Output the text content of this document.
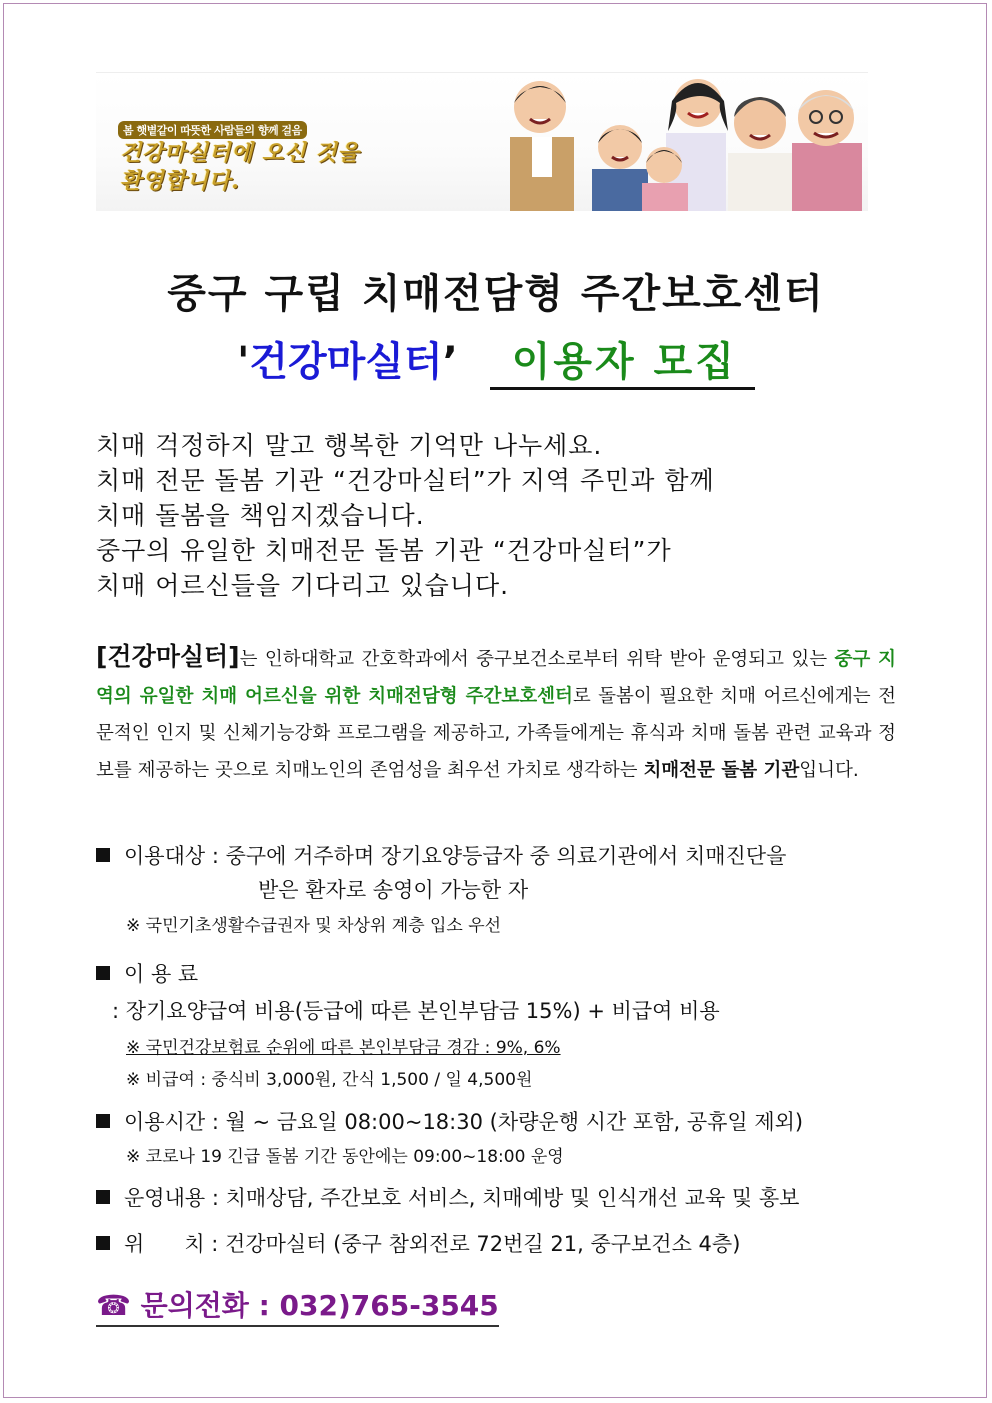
봄 햇볕같이 따뜻한 사람들의 향께 걸음
건강마실터에 오신 것을
환영합니다.
중구 구립 치매전담형 주간보호센터
'건강마실터’ 이용자 모집
치매 걱정하지 말고 행복한 기억만 나누세요.
치매 전문 돌봄 기관 “건강마실터”가 지역 주민과 함께
치매 돌봄을 책임지겠습니다.
중구의 유일한 치매전문 돌봄 기관 “건강마실터”가
치매 어르신들을 기다리고 있습니다.
[건강마실터]는 인하대학교 간호학과에서 중구보건소로부터 위탁 받아 운영되고 있는 중구 지역의 유일한 치매 어르신을 위한 치매전담형 주간보호센터로 돌봄이 필요한 치매 어르신에게는 전문적인 인지 및 신체기능강화 프로그램을 제공하고, 가족들에게는 휴식과 치매 돌봄 관련 교육과 정보를 제공하는 곳으로 치매노인의 존엄성을 최우선 가치로 생각하는 치매전문 돌봄 기관입니다.
이용대상 : 중구에 거주하며 장기요양등급자 중 의료기관에서 치매진단을
받은 환자로 송영이 가능한 자
※ 국민기초생활수급권자 및 차상위 계층 입소 우선
이 용 료
: 장기요양급여 비용(등급에 따른 본인부담금 15%) + 비급여 비용
※ 국민건강보험료 순위에 따른 본인부담금 경감 : 9%, 6%
※ 비급여 : 중식비 3,000원, 간식 1,500 / 일 4,500원
이용시간 : 월 ~ 금요일 08:00~18:30 (차량운행 시간 포함, 공휴일 제외)
※ 코로나 19 긴급 돌봄 기간 동안에는 09:00~18:00 운영
운영내용 : 치매상담, 주간보호 서비스, 치매예방 및 인식개선 교육 및 홍보
위      치 : 건강마실터 (중구 참외전로 72번길 21, 중구보건소 4층)
☎ 문의전화 : 032)765-3545
